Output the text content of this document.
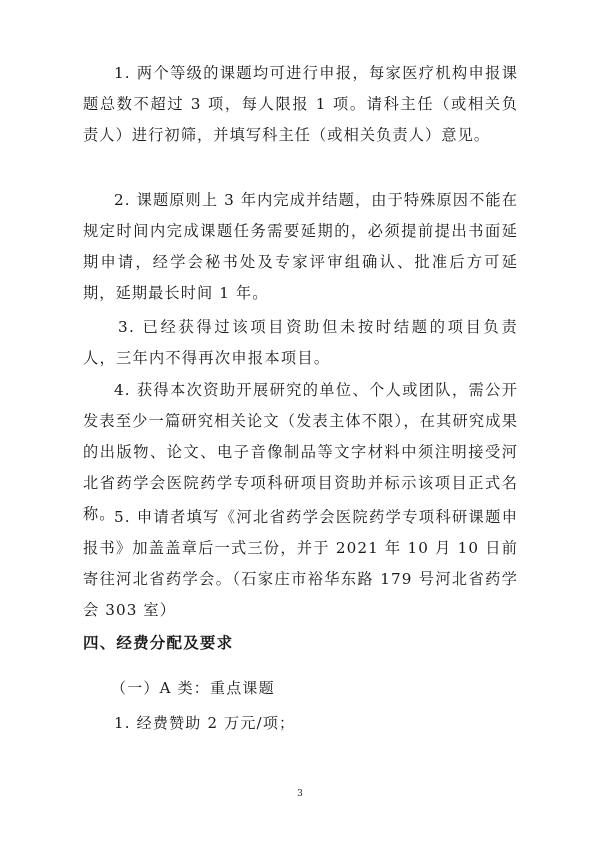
1. 两个等级的课题均可进行申报，每家医疗机构申报课题总数不超过 3 项，每人限报 1 项。请科主任（或相关负责人）进行初筛，并填写科主任（或相关负责人）意见。

2. 课题原则上 3 年内完成并结题，由于特殊原因不能在规定时间内完成课题任务需要延期的，必须提前提出书面延期申请，经学会秘书处及专家评审组确认、批准后方可延期，延期最长时间 1 年。

3. 已经获得过该项目资助但未按时结题的项目负责人，三年内不得再次申报本项目。

4. 获得本次资助开展研究的单位、个人或团队，需公开发表至少一篇研究相关论文（发表主体不限），在其研究成果的出版物、论文、电子音像制品等文字材料中须注明接受河北省药学会医院药学专项科研项目资助并标示该项目正式名称。

5. 申请者填写《河北省药学会医院药学专项科研课题申报书》加盖盖章后一式三份，并于 2021 年 10 月 10 日前寄往河北省药学会。（石家庄市裕华东路 179 号河北省药学会 303 室）

四、经费分配及要求

（一）A 类：重点课题

1. 经费赞助 2 万元/项；

3
